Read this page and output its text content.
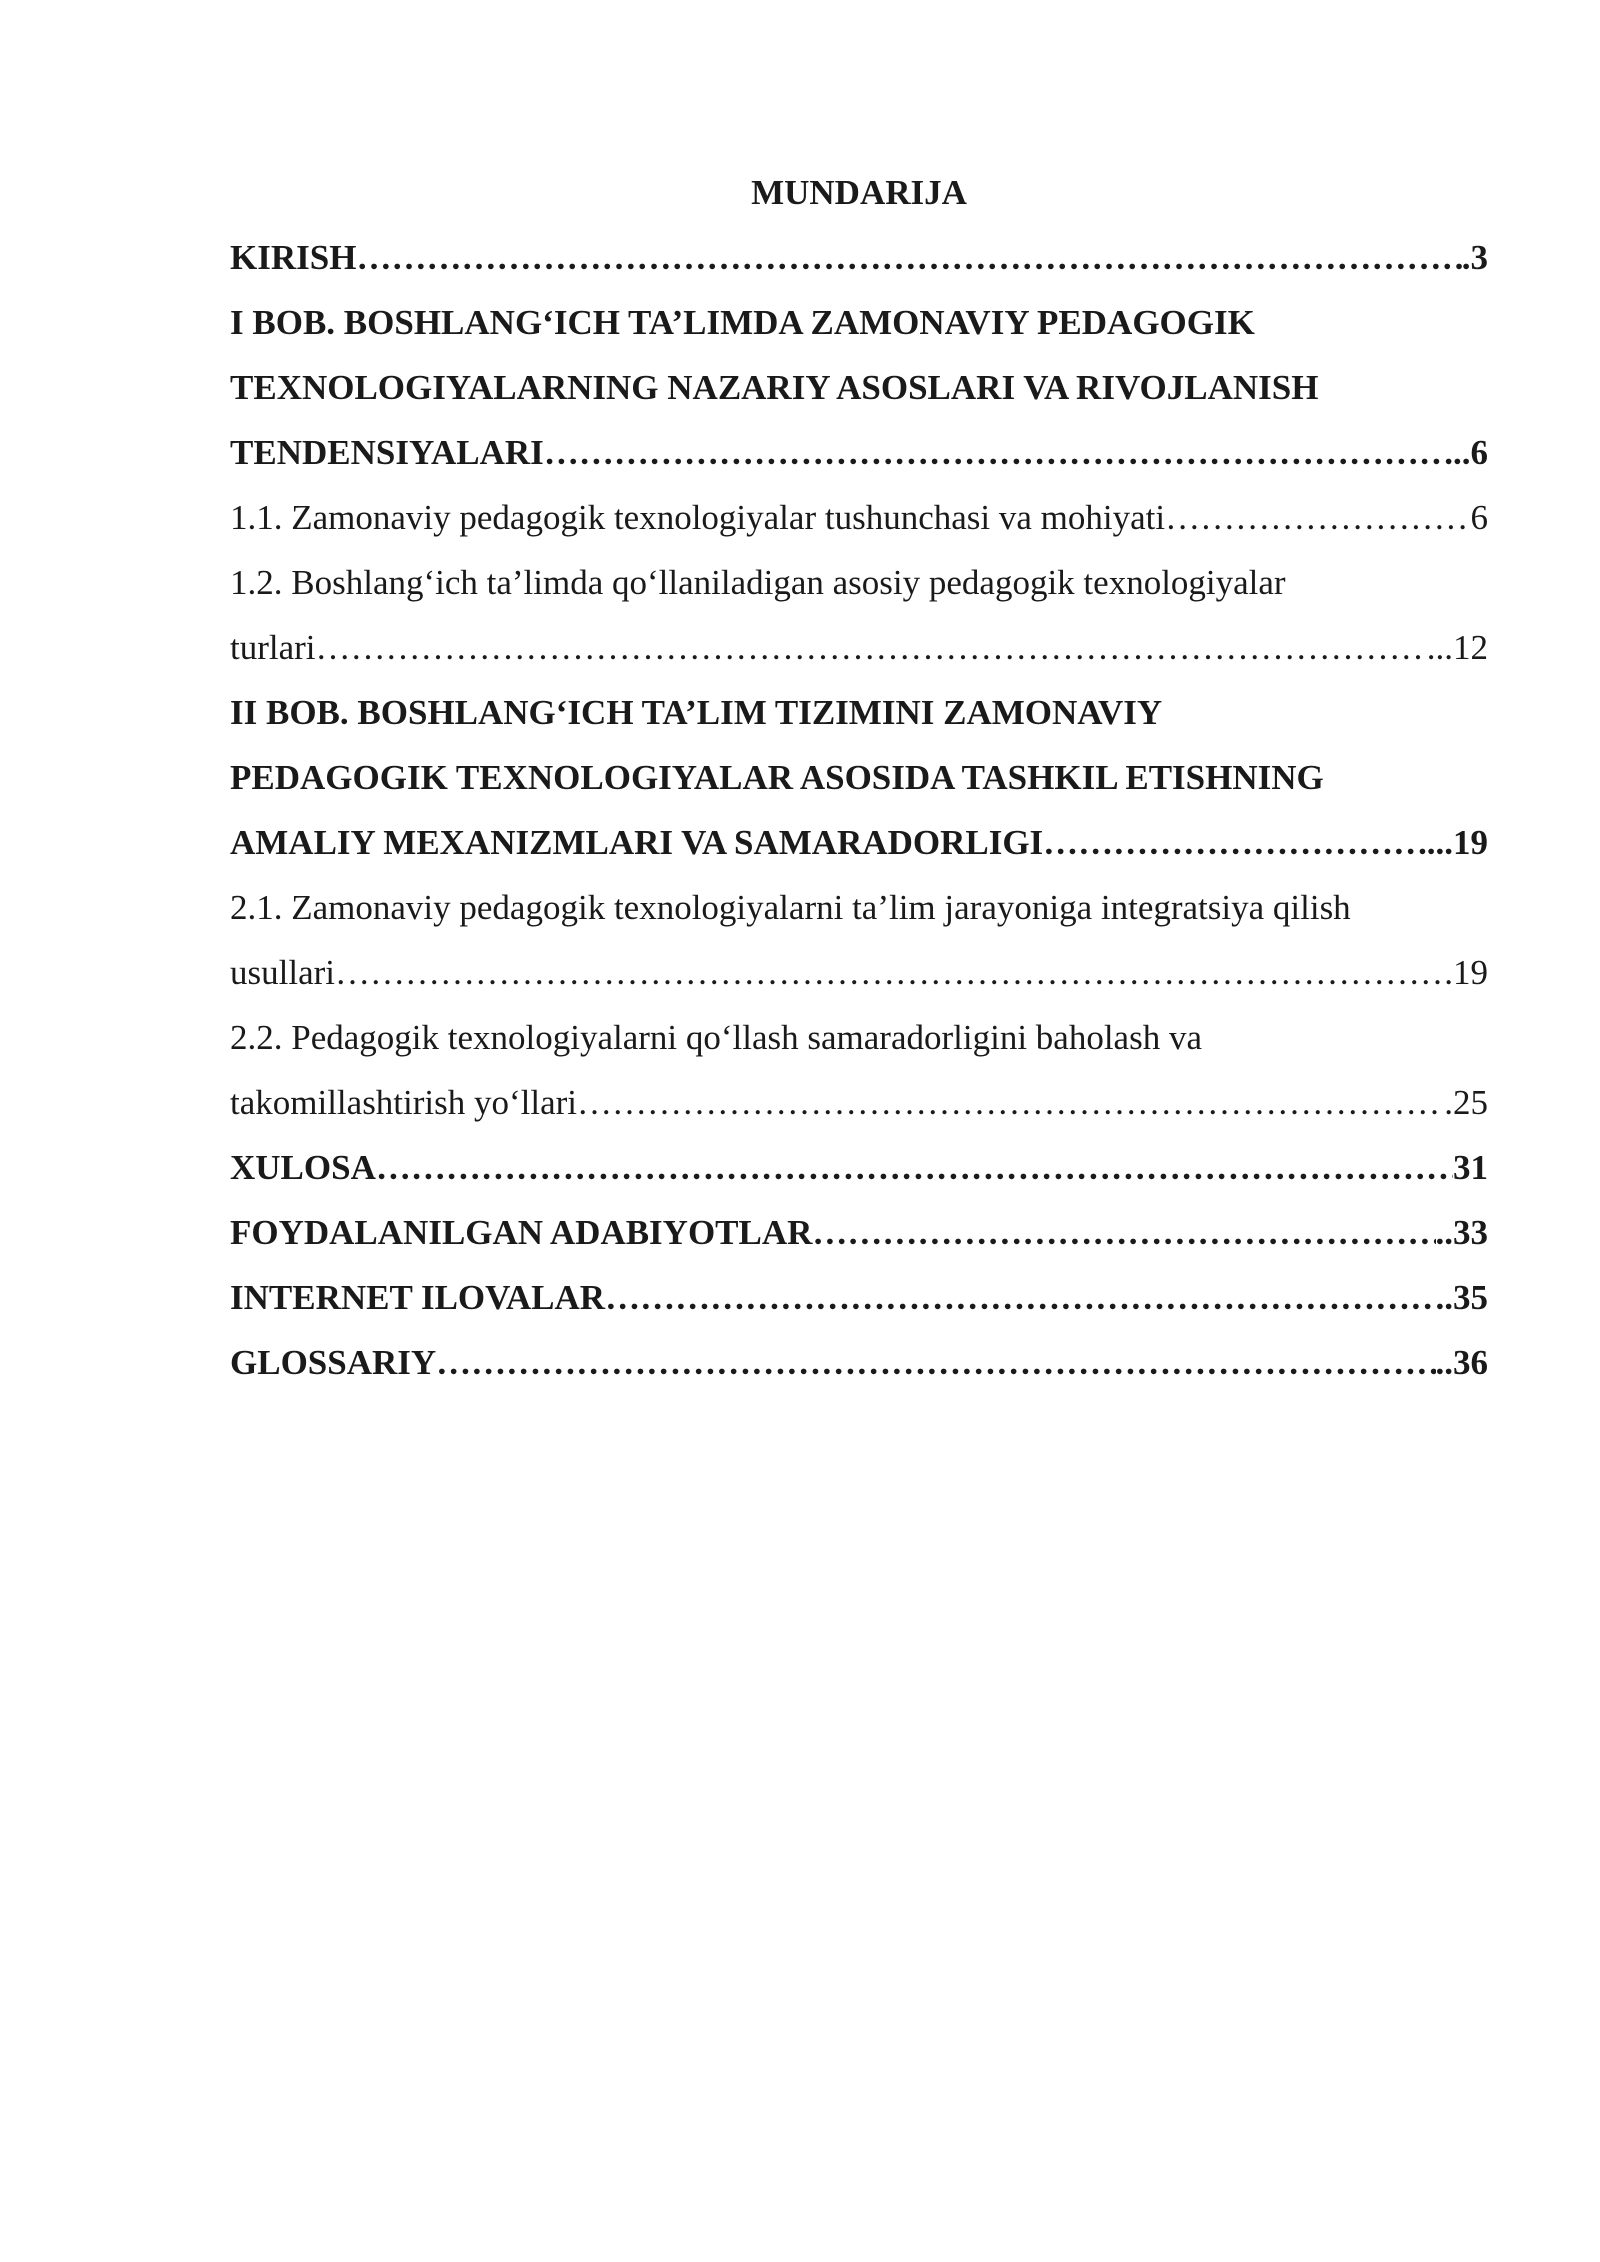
MUNDARIJA
KIRISH ……………………………………………………………………………………………………………………………………………………………………………………………………	.3
I BOB. BOSHLANG‘ICH TA’LIMDA ZAMONAVIY PEDAGOGIK
TEXNOLOGIYALARNING NAZARIY ASOSLARI VA RIVOJLANISH
TENDENSIYALARI ……………………………………………………………………………………………………………………………………………………………………………………………………	...6
1.1. Zamonaviy pedagogik texnologiyalar tushunchasi va mohiyati ……………………………………………………………………………………………………………………………………………………………………………………………………	6
1.2. Boshlang‘ich ta’limda qo‘llaniladigan asosiy pedagogik texnologiyalar
turlari ……………………………………………………………………………………………………………………………………………………………………………………………………	...12
II BOB. BOSHLANG‘ICH TA’LIM TIZIMINI ZAMONAVIY
PEDAGOGIK TEXNOLOGIYALAR ASOSIDA TASHKIL ETISHNING
AMALIY MEXANIZMLARI VA SAMARADORLIGI ……………………………………………………………………………………………………………………………………………………………………………………………………	...19
2.1. Zamonaviy pedagogik texnologiyalarni ta’lim jarayoniga integratsiya qilish
usullari ……………………………………………………………………………………………………………………………………………………………………………………………………	.19
2.2. Pedagogik texnologiyalarni qo‘llash samaradorligini baholash va
takomillashtirish yo‘llari ……………………………………………………………………………………………………………………………………………………………………………………………………	.25
XULOSA ……………………………………………………………………………………………………………………………………………………………………………………………………	31
FOYDALANILGAN ADABIYOTLAR ……………………………………………………………………………………………………………………………………………………………………………………………………	..33
INTERNET ILOVALAR ……………………………………………………………………………………………………………………………………………………………………………………………………	..35
GLOSSARIY ……………………………………………………………………………………………………………………………………………………………………………………………………	..36
